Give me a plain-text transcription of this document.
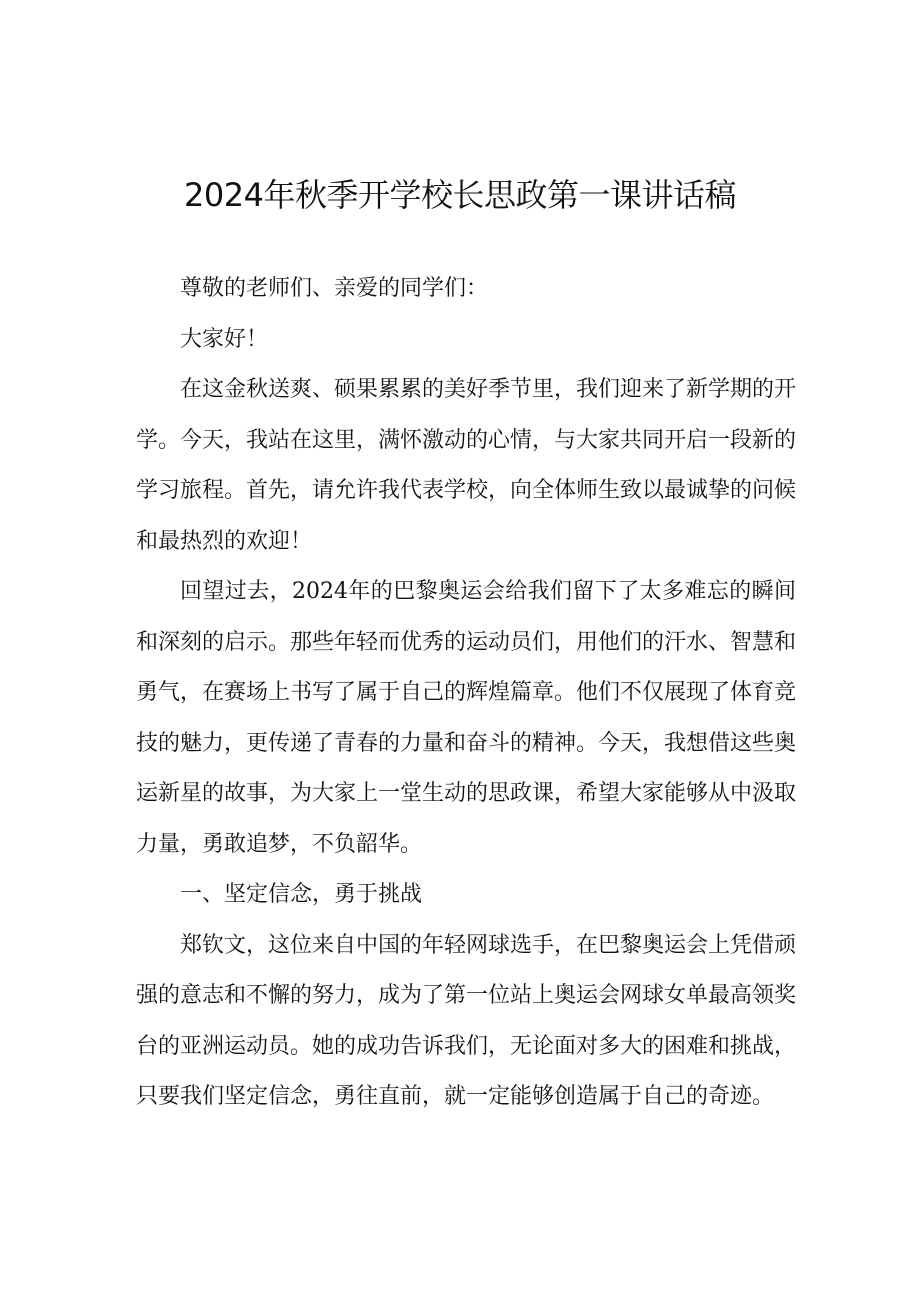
2024年秋季开学校长思政第一课讲话稿

尊敬的老师们、亲爱的同学们：

大家好！

在这金秋送爽、硕果累累的美好季节里，我们迎来了新学期的开学。今天，我站在这里，满怀激动的心情，与大家共同开启一段新的学习旅程。首先，请允许我代表学校，向全体师生致以最诚挚的问候和最热烈的欢迎！

回望过去，2024年的巴黎奥运会给我们留下了太多难忘的瞬间和深刻的启示。那些年轻而优秀的运动员们，用他们的汗水、智慧和勇气，在赛场上书写了属于自己的辉煌篇章。他们不仅展现了体育竞技的魅力，更传递了青春的力量和奋斗的精神。今天，我想借这些奥运新星的故事，为大家上一堂生动的思政课，希望大家能够从中汲取力量，勇敢追梦，不负韶华。

一、坚定信念，勇于挑战

郑钦文，这位来自中国的年轻网球选手，在巴黎奥运会上凭借顽强的意志和不懈的努力，成为了第一位站上奥运会网球女单最高领奖台的亚洲运动员。她的成功告诉我们，无论面对多大的困难和挑战，只要我们坚定信念，勇往直前，就一定能够创造属于自己的奇迹。
